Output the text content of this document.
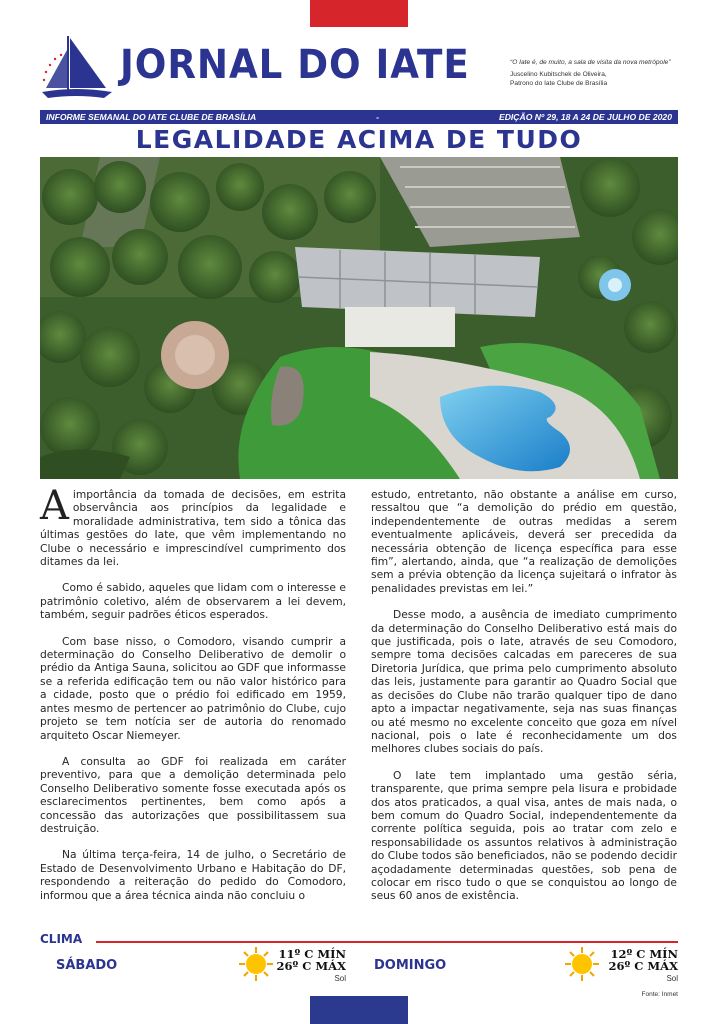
JORNAL DO IATE	“O Iate é, de muito, a sala de visita da nova metrópole”
Juscelino Kubitschek de Oliveira,
Patrono do Iate Clube de Brasília
INFORME SEMANAL DO IATE CLUBE DE BRASÍLIA	-	EDIÇÃO Nº 29, 18 A 24 DE JULHO DE 2020
LEGALIDADE ACIMA DE TUDO

Aimportância da tomada de decisões, em estrita observância aos princípios da legalidade e moralidade administrativa, tem sido a tônica das últimas gestões do Iate, que vêm implementando no Clube o necessário e imprescindível cumprimento dos ditames da lei.

Como é sabido, aqueles que lidam com o interesse e patrimônio coletivo, além de observarem a lei devem, também, seguir padrões éticos esperados.

Com base nisso, o Comodoro, visando cumprir a determinação do Conselho Deliberativo de demolir o prédio da Antiga Sauna, solicitou ao GDF que informasse se a referida edificação tem ou não valor histórico para a cidade, posto que o prédio foi edificado em 1959, antes mesmo de pertencer ao patrimônio do Clube, cujo projeto se tem notícia ser de autoria do renomado arquiteto Oscar Niemeyer.

A consulta ao GDF foi realizada em caráter preventivo, para que a demolição determinada pelo Conselho Deliberativo somente fosse executada após os esclarecimentos pertinentes, bem como após a concessão das autorizações que possibilitassem sua destruição.

Na última terça-feira, 14 de julho, o Secretário de Estado de Desenvolvimento Urbano e Habitação do DF, respondendo a reiteração do pedido do Comodoro, informou que a área técnica ainda não concluiu o

estudo, entretanto, não obstante a análise em curso, ressaltou que “a demolição do prédio em questão, independentemente de outras medidas a serem eventualmente aplicáveis, deverá ser precedida da necessária obtenção de licença específica para esse fim”, alertando, ainda, que “a realização de demolições sem a prévia obtenção da licença sujeitará o infrator às penalidades previstas em lei.”

Desse modo, a ausência de imediato cumprimento da determinação do Conselho Deliberativo está mais do que justificada, pois o Iate, através de seu Comodoro, sempre toma decisões calcadas em pareceres de sua Diretoria Jurídica, que prima pelo cumprimento absoluto das leis, justamente para garantir ao Quadro Social que as decisões do Clube não trarão qualquer tipo de dano apto a impactar negativamente, seja nas suas finanças ou até mesmo no excelente conceito que goza em nível nacional, pois o Iate é reconhecidamente um dos melhores clubes sociais do país.

O Iate tem implantado uma gestão séria, transparente, que prima sempre pela lisura e probidade dos atos praticados, a qual visa, antes de mais nada, o bem comum do Quadro Social, independentemente da corrente política seguida, pois ao tratar com zelo e responsabilidade os assuntos relativos à administração do Clube todos são beneficiados, não se podendo decidir açodadamente determinadas questões, sob pena de colocar em risco tudo o que se conquistou ao longo de seus 60 anos de existência.

CLIMA
SÁBADO
11º C MÍN
26º C MÁX
Sol
DOMINGO
12º C MÍN
26º C MÁX
Sol
Fonte: Inmet
